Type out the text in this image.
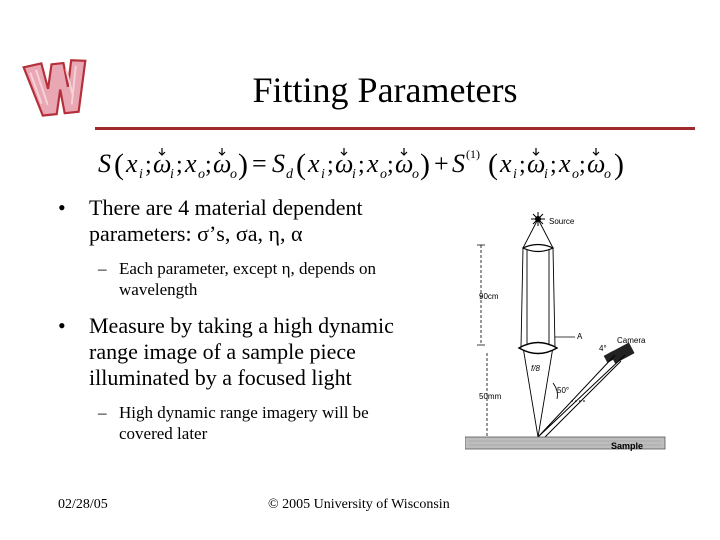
Fitting Parameters
S ( x i ; ω
i ; x o ; ω
o ) = S d ( x i ; ω
i ; x o ; ω
o ) + S (1) ( x i ; ω
i ; x o ; ω
o )
• There are 4 material dependent
parameters: σ’s, σa, η, α
– Each parameter, except η, depends on
wavelength
• Measure by taking a high dynamic
range image of a sample piece
illuminated by a focused light
– High dynamic range imagery will be
covered later
Source
90cm
50mm
A
f/8
Camera
4°
50°
Sample
02/28/05	© 2005 University of Wisconsin
